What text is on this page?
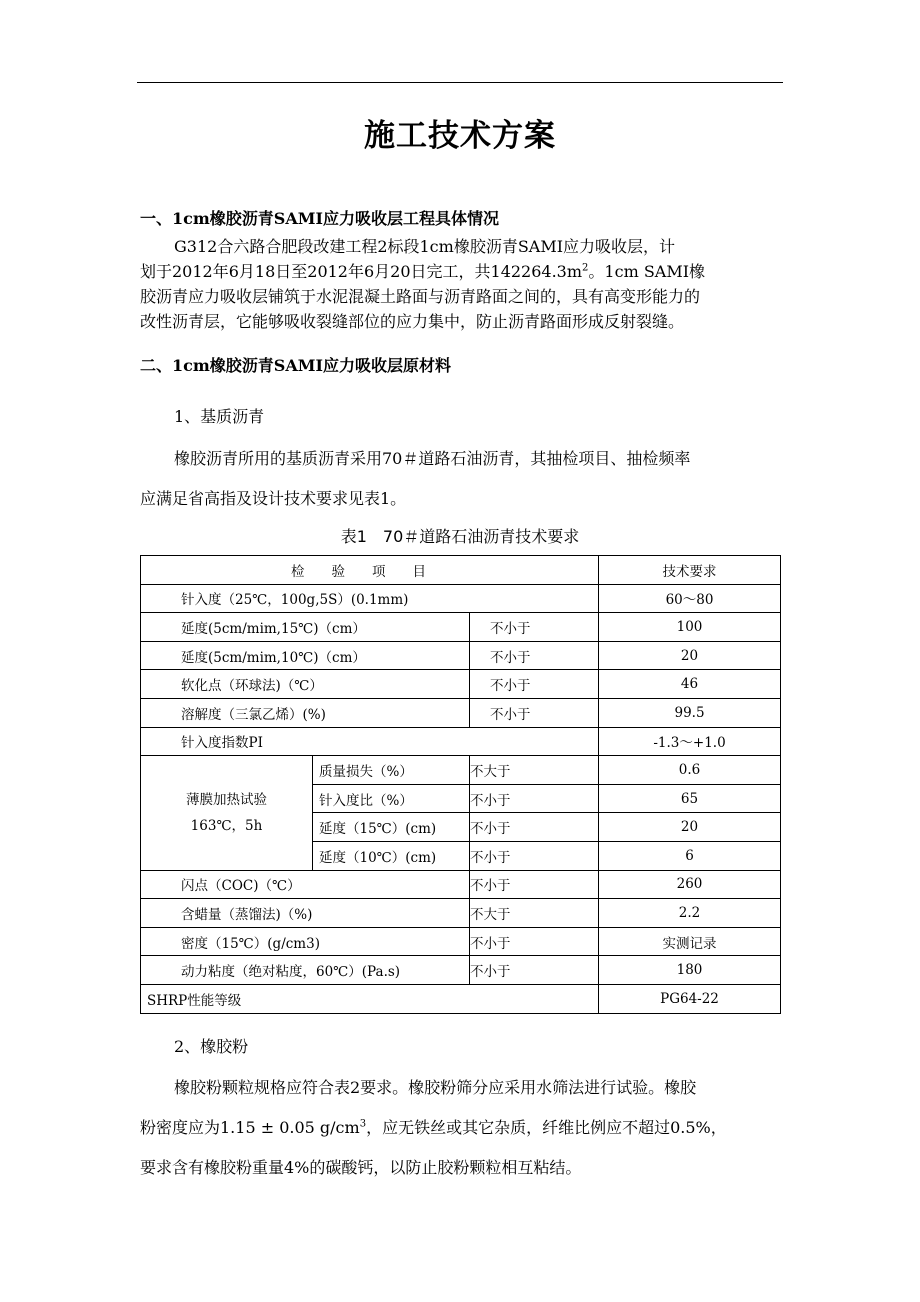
施工技术方案
一、1cm橡胶沥青SAMI应力吸收层工程具体情况
G312合六路合肥段改建工程2标段1cm橡胶沥青SAMI应力吸收层，计
划于2012年6月18日至2012年6月20日完工，共$142264.3m^2$。1cm SAMI橡
胶沥青应力吸收层铺筑于水泥混凝土路面与沥青路面之间的，具有高变形能力的
改性沥青层，它能够吸收裂缝部位的应力集中，防止沥青路面形成反射裂缝。
二、1cm橡胶沥青SAMI应力吸收层原材料
1、基质沥青
橡胶沥青所用的基质沥青采用70＃道路石油沥青，其抽检项目、抽检频率
应满足省高指及设计技术要求见表1。
表1　70＃道路石油沥青技术要求
检　　验　　项　　目			技术要求
针入度（25℃，100g,5S）(0.1mm)			60～80
延度(5cm/mim,15℃)（cm）		不小于	100
延度(5cm/mim,10℃)（cm）		不小于	20
软化点（环球法)（℃）		不小于	46
溶解度（三氯乙烯）(%)		不小于	99.5
针入度指数PI			-1.3～+1.0

薄膜加热试验
163℃，5h	质量损失（%）	不大于	0.6
	针入度比（%）	不小于	65
	延度（15℃）(cm)	不小于	20
	延度（10℃）(cm)	不小于	6
闪点（COC)（℃）		不小于	260
含蜡量（蒸馏法)（%)		不大于	2.2
密度（15℃）(g/cm3)		不小于	实测记录
动力粘度（绝对粘度，60℃）(Pa.s)		不小于	180
SHRP性能等级			PG64-22
2、橡胶粉
橡胶粉颗粒规格应符合表2要求。橡胶粉筛分应采用水筛法进行试验。橡胶
粉密度应为1.15 ± 0.05 $g/cm^3$，应无铁丝或其它杂质，纤维比例应不超过0.5%，
要求含有橡胶粉重量4%的碳酸钙，以防止胶粉颗粒相互粘结。
